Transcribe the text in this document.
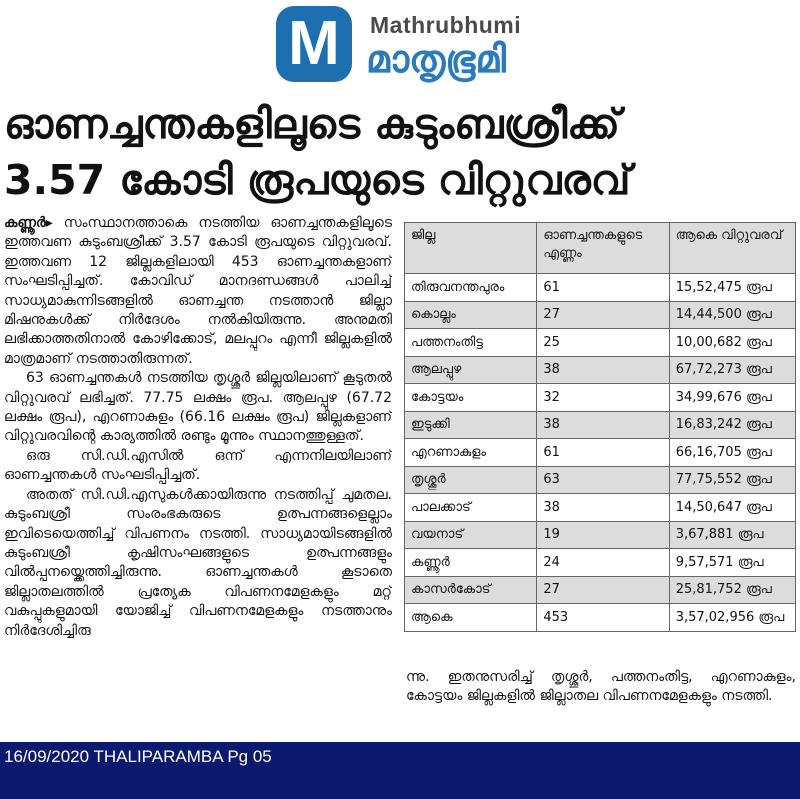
M Mathrubhumi
മാതൃഭൂമി
ഓണച്ചന്തകളിലൂടെ കുടുംബശ്രീക്ക്
3.57 കോടി രൂപയുടെ വിറ്റുവരവ്

കണ്ണൂർ▸ സംസ്ഥാനത്താകെ നടത്തിയ ഓണച്ചന്തകളിലൂടെ ഇത്തവണ കുടുംബശ്രീക്ക് 3.57 കോടി രൂപയുടെ വിറ്റുവരവ്. ഇത്തവണ 12 ജില്ലകളിലായി 453 ഓണച്ചന്തകളാണ് സംഘടിപ്പിച്ചത്. കോവിഡ് മാനദണ്ഡങ്ങൾ പാലിച്ച് സാധ്യമാകുന്നിടങ്ങളിൽ ഓണച്ചന്ത നടത്താൻ ജില്ലാ മിഷനുകൾക്ക് നിർദേശം നൽകിയിരുന്നു. അനുമതി ലഭിക്കാത്തതിനാൽ കോഴിക്കോട്, മലപ്പുറം എന്നീ ജില്ലകളിൽ മാത്രമാണ് നടത്താതിരുന്നത്.

63 ഓണച്ചന്തകൾ നടത്തിയ തൃശ്ശൂർ ജില്ലയിലാണ് കൂടുതൽ വിറ്റുവരവ് ലഭിച്ചത്. 77.75 ലക്ഷം രൂപ. ആലപ്പുഴ (67.72 ലക്ഷം രൂപ), എറണാകുളം (66.16 ലക്ഷം രൂപ) ജില്ലകളാണ് വിറ്റുവരവിന്റെ കാര്യത്തിൽ രണ്ടും മൂന്നും സ്ഥാനത്തുള്ളത്.

ഒരു സി.ഡി.എസിൽ ഒന്ന് എന്നനിലയിലാണ് ഓണച്ചന്തകൾ സംഘടിപ്പിച്ചത്.

അതത് സി.ഡി.എസുകൾക്കായിരുന്നു നടത്തിപ്പ് ചുമതല. കുടുംബശ്രീ സംരംഭകരുടെ ഉത്പന്നങ്ങളെല്ലാം ഇവിടെയെത്തിച്ച് വിപണനം നടത്തി. സാധ്യമായിടങ്ങളിൽ കുടുംബശ്രീ കൃഷിസംഘങ്ങളുടെ ഉത്പന്നങ്ങളും വിൽപ്പനയ്ക്കെത്തിച്ചിരുന്നു. ഓണച്ചന്തകൾ കൂടാതെ ജില്ലാതലത്തിൽ പ്രത്യേക വിപണനമേളകളും മറ്റ് വകുപ്പുകളുമായി യോജിച്ച് വിപണനമേളകളും നടത്താനും നിർദേശിച്ചിരു

ജില്ല	ഓണച്ചന്തകളുടെ എണ്ണം	ആകെ വിറ്റുവരവ്
തിരുവനന്തപുരം	61	15,52,475 രൂപ
കൊല്ലം	27	14,44,500 രൂപ
പത്തനംതിട്ട	25	10,00,682 രൂപ
ആലപ്പുഴ	38	67,72,273 രൂപ
കോട്ടയം	32	34,99,676 രൂപ
ഇടുക്കി	38	16,83,242 രൂപ
എറണാകുളം	61	66,16,705 രൂപ
തൃശ്ശൂർ	63	77,75,552 രൂപ
പാലക്കാട്	38	14,50,647 രൂപ
വയനാട്	19	3,67,881 രൂപ
കണ്ണൂർ	24	9,57,571 രൂപ
കാസർകോട്	27	25,81,752 രൂപ
ആകെ	453	3,57,02,956 രൂപ

ന്നു. ഇതനുസരിച്ച് തൃശ്ശൂർ, പത്തനംതിട്ട, എറണാകുളം, കോട്ടയം ജില്ലകളിൽ ജില്ലാതല വിപണനമേളകളും നടത്തി.

16/09/2020 THALIPARAMBA Pg 05
